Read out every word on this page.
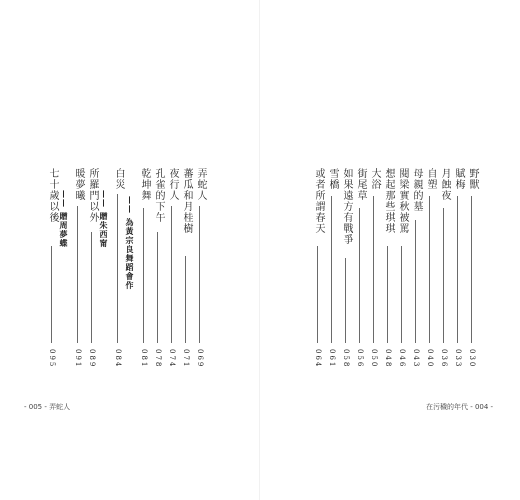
弄蛇人
069
蕃瓜和月桂樹
071
夜行人
074
孔雀的下午
078
乾坤舞
081
—— 為黃宗良舞蹈會作
白災
084
—— 贈朱西甯
所羅門以外
089
暖夢曦
091
—— 贈周夢蝶
七十歲以後
095
野獸
030
賦梅
033
月蝕夜
036
自塑
040
母親的墓
043
閱梁實秋被罵
046
想起那些琪琪
048
大浴
050
街尾草
056
如果遠方有戰爭
058
雪橋
061
或者所謂春天
064
- 005 - 弄蛇人	在污穢的年代 - 004 -
